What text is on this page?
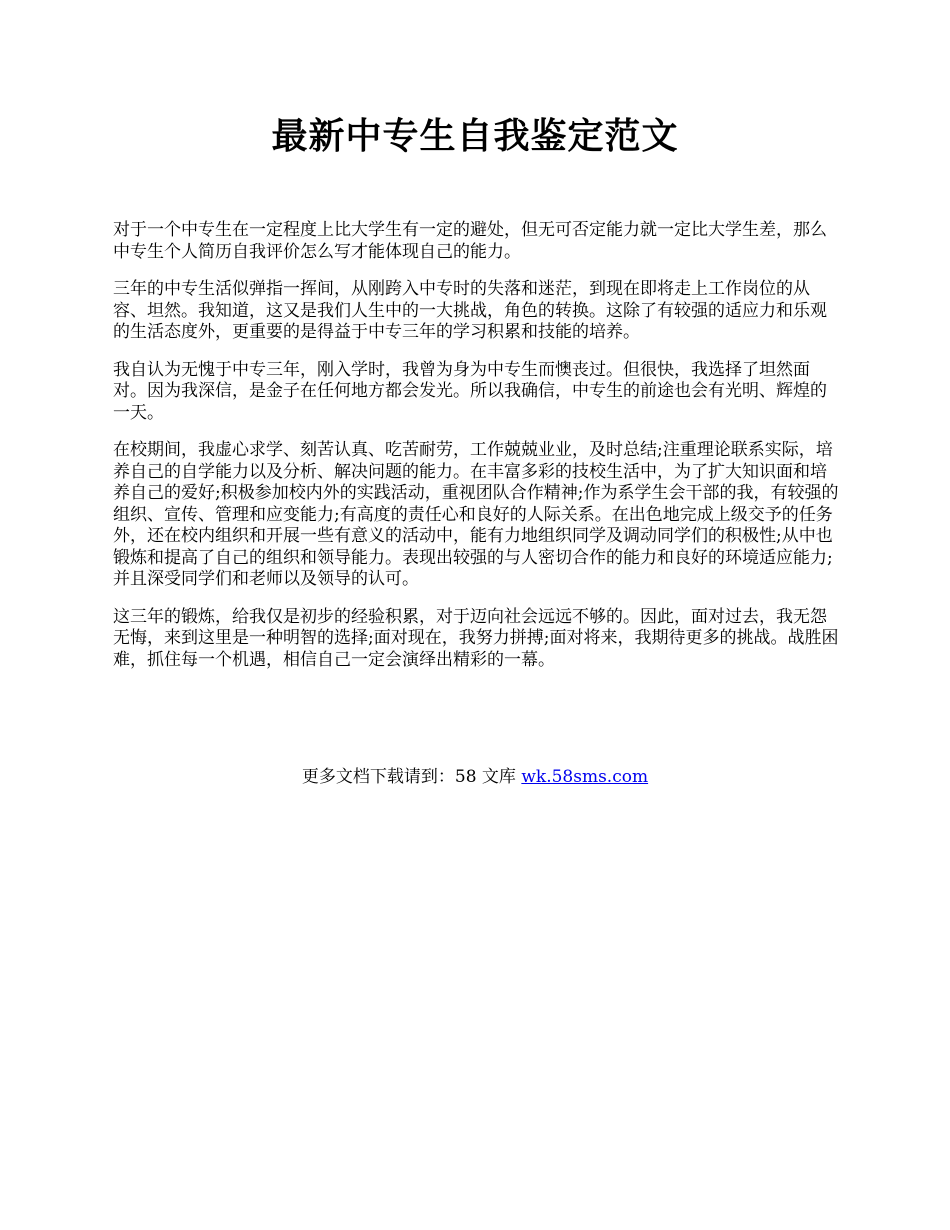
最新中专生自我鉴定范文

对于一个中专生在一定程度上比大学生有一定的避处，但无可否定能力就一定比大学生差，那么中专生个人简历自我评价怎么写才能体现自己的能力。

三年的中专生活似弹指一挥间，从刚跨入中专时的失落和迷茫，到现在即将走上工作岗位的从容、坦然。我知道，这又是我们人生中的一大挑战，角色的转换。这除了有较强的适应力和乐观的生活态度外，更重要的是得益于中专三年的学习积累和技能的培养。

我自认为无愧于中专三年，刚入学时，我曾为身为中专生而懊丧过。但很快，我选择了坦然面对。因为我深信，是金子在任何地方都会发光。所以我确信，中专生的前途也会有光明、辉煌的一天。

在校期间，我虚心求学、刻苦认真、吃苦耐劳，工作兢兢业业，及时总结;注重理论联系实际，培养自己的自学能力以及分析、解决问题的能力。在丰富多彩的技校生活中，为了扩大知识面和培养自己的爱好;积极参加校内外的实践活动，重视团队合作精神;作为系学生会干部的我，有较强的组织、宣传、管理和应变能力;有高度的责任心和良好的人际关系。在出色地完成上级交予的任务外，还在校内组织和开展一些有意义的活动中，能有力地组织同学及调动同学们的积极性;从中也锻炼和提高了自己的组织和领导能力。表现出较强的与人密切合作的能力和良好的环境适应能力;并且深受同学们和老师以及领导的认可。

这三年的锻炼，给我仅是初步的经验积累，对于迈向社会远远不够的。因此，面对过去，我无怨无悔，来到这里是一种明智的选择;面对现在，我努力拼搏;面对将来，我期待更多的挑战。战胜困难，抓住每一个机遇，相信自己一定会演绎出精彩的一幕。

更多文档下载请到：58 文库 wk.58sms.com
